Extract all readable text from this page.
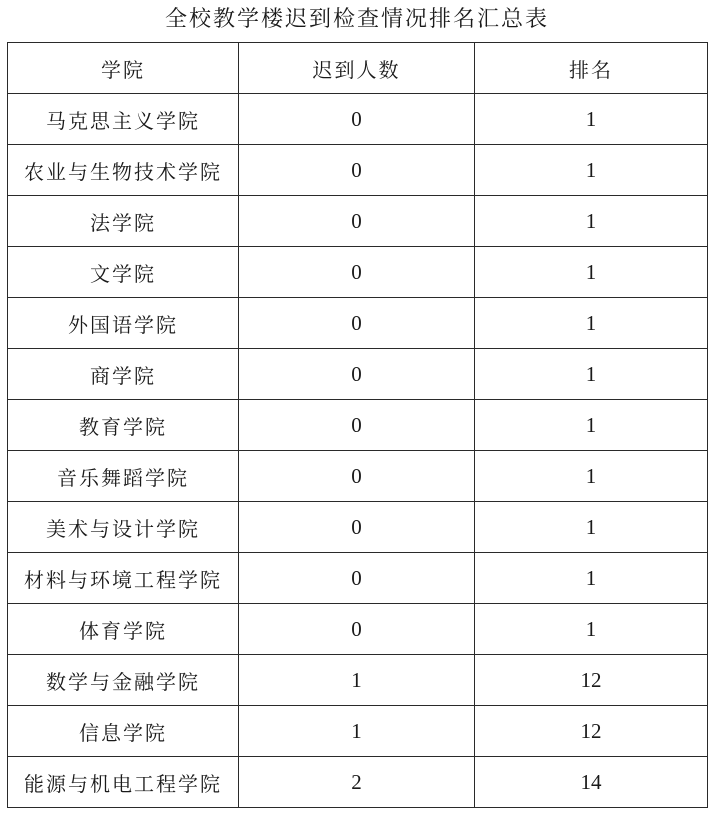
全校教学楼迟到检查情况排名汇总表
学院	迟到人数	排名
马克思主义学院	0	1
农业与生物技术学院	0	1
法学院	0	1
文学院	0	1
外国语学院	0	1
商学院	0	1
教育学院	0	1
音乐舞蹈学院	0	1
美术与设计学院	0	1
材料与环境工程学院	0	1
体育学院	0	1
数学与金融学院	1	12
信息学院	1	12
能源与机电工程学院	2	14
